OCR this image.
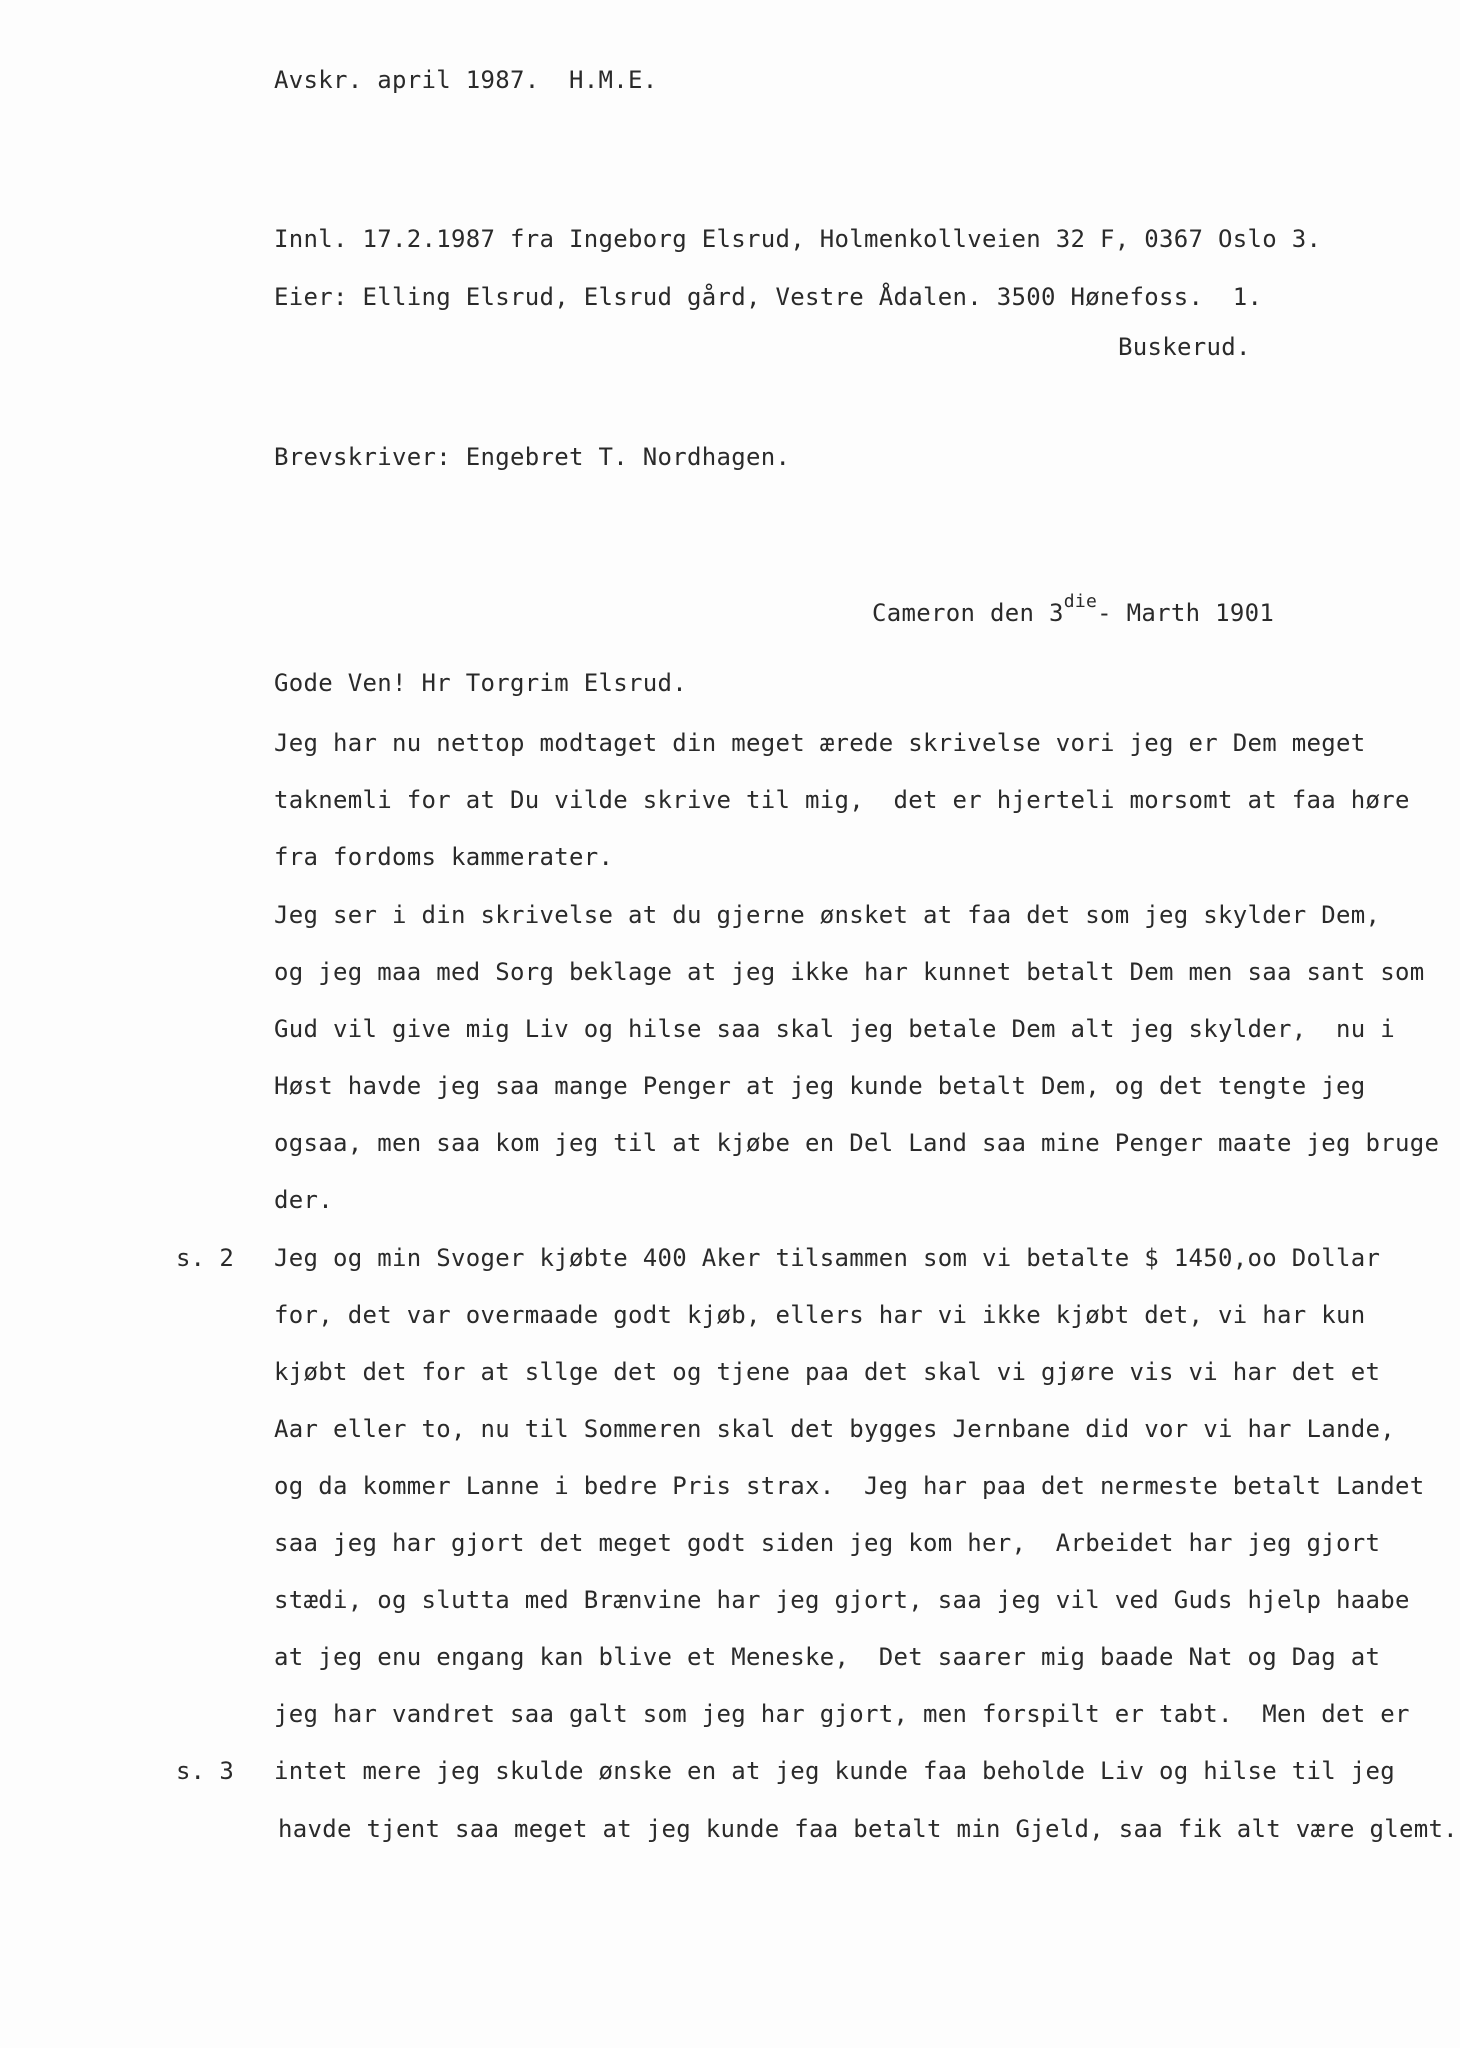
Avskr. april 1987.  H.M.E.
Innl. 17.2.1987 fra Ingeborg Elsrud, Holmenkollveien 32 F, 0367 Oslo 3.
Eier: Elling Elsrud, Elsrud gård, Vestre Ådalen. 3500 Hønefoss.  1.
Buskerud.
Brevskriver: Engebret T. Nordhagen.
Cameron den $3^{die}-$ Marth 1901
Gode Ven! Hr Torgrim Elsrud.
Jeg har nu nettop modtaget din meget ærede skrivelse vori jeg er Dem meget
taknemli for at Du vilde skrive til mig,  det er hjerteli morsomt at faa høre
fra fordoms kammerater.
Jeg ser i din skrivelse at du gjerne ønsket at faa det som jeg skylder Dem,
og jeg maa med Sorg beklage at jeg ikke har kunnet betalt Dem men saa sant som
Gud vil give mig Liv og hilse saa skal jeg betale Dem alt jeg skylder,  nu i
Høst havde jeg saa mange Penger at jeg kunde betalt Dem, og det tengte jeg
ogsaa, men saa kom jeg til at kjøbe en Del Land saa mine Penger maate jeg bruge
der.
s. 2 Jeg og min Svoger kjøbte 400 Aker tilsammen som vi betalte $ 1450,oo Dollar
for, det var overmaade godt kjøb, ellers har vi ikke kjøbt det, vi har kun
kjøbt det for at sllge det og tjene paa det skal vi gjøre vis vi har det et
Aar eller to, nu til Sommeren skal det bygges Jernbane did vor vi har Lande,
og da kommer Lanne i bedre Pris strax.  Jeg har paa det nermeste betalt Landet
saa jeg har gjort det meget godt siden jeg kom her,  Arbeidet har jeg gjort
stædi, og slutta med Brænvine har jeg gjort, saa jeg vil ved Guds hjelp haabe
at jeg enu engang kan blive et Meneske,  Det saarer mig baade Nat og Dag at
jeg har vandret saa galt som jeg har gjort, men forspilt er tabt.  Men det er
s. 3 intet mere jeg skulde ønske en at jeg kunde faa beholde Liv og hilse til jeg
havde tjent saa meget at jeg kunde faa betalt min Gjeld, saa fik alt være glemt.
